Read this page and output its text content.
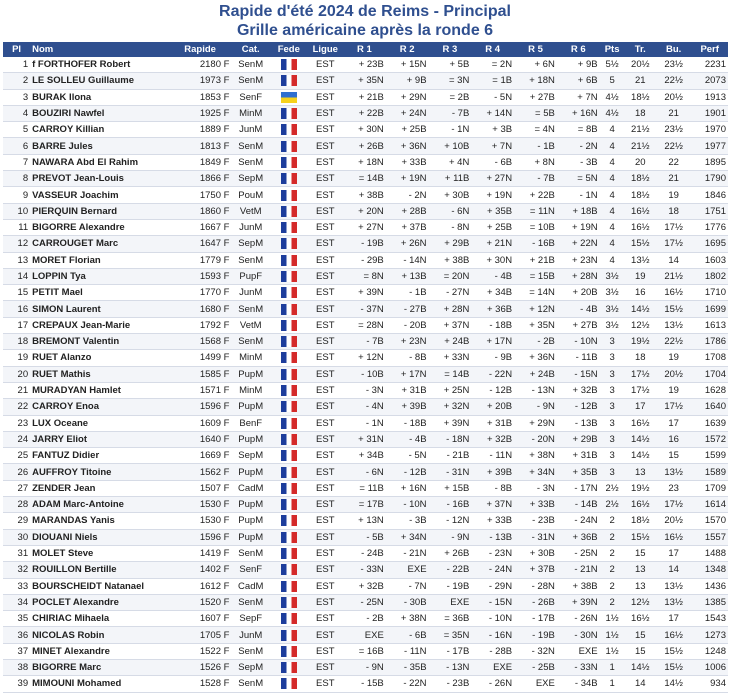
Rapide d'été 2024 de Reims - Principal
Grille américaine après la ronde 6
Pl	Nom	Rapide	Cat.	Fede	Ligue	R 1	R 2	R 3	R 4	R 5	R 6	Pts	Tr.	Bu.	Perf
1	f FORTHOFER Robert	2180 F	SenM		EST	+ 23B	+ 15N	+ 5B	= 2N	+ 6N	+ 9B	5½	20½	23½	2231
2	LE SOLLEU Guillaume	1973 F	SenM		EST	+ 35N	+ 9B	= 3N	= 1B	+ 18N	+ 6B	5	21	22½	2073
3	BURAK Ilona	1853 F	SenF		EST	+ 21B	+ 29N	= 2B	- 5N	+ 27B	+ 7N	4½	18½	20½	1913
4	BOUZIRI Nawfel	1925 F	MinM		EST	+ 22B	+ 24N	- 7B	+ 14N	= 5B	+ 16N	4½	18	21	1901
5	CARROY Killian	1889 F	JunM		EST	+ 30N	+ 25B	- 1N	+ 3B	= 4N	= 8B	4	21½	23½	1970
6	BARRE Jules	1813 F	SenM		EST	+ 26B	+ 36N	+ 10B	+ 7N	- 1B	- 2N	4	21½	22½	1977
7	NAWARA Abd El Rahim	1849 F	SenM		EST	+ 18N	+ 33B	+ 4N	- 6B	+ 8N	- 3B	4	20	22	1895
8	PREVOT Jean-Louis	1866 F	SepM		EST	= 14B	+ 19N	+ 11B	+ 27N	- 7B	= 5N	4	18½	21	1790
9	VASSEUR Joachim	1750 F	PouM		EST	+ 38B	- 2N	+ 30B	+ 19N	+ 22B	- 1N	4	18½	19	1846
10	PIERQUIN Bernard	1860 F	VetM		EST	+ 20N	+ 28B	- 6N	+ 35B	= 11N	+ 18B	4	16½	18	1751
11	BIGORRE Alexandre	1667 F	JunM		EST	+ 27N	+ 37B	- 8N	+ 25B	= 10B	+ 19N	4	16½	17½	1776
12	CARROUGET Marc	1647 F	SepM		EST	- 19B	+ 26N	+ 29B	+ 21N	- 16B	+ 22N	4	15½	17½	1695
13	MORET Florian	1779 F	SenM		EST	- 29B	- 14N	+ 38B	+ 30N	+ 21B	+ 23N	4	13½	14	1603
14	LOPPIN Tya	1593 F	PupF		EST	= 8N	+ 13B	= 20N	- 4B	= 15B	+ 28N	3½	19	21½	1802
15	PETIT Mael	1770 F	JunM		EST	+ 39N	- 1B	- 27N	+ 34B	= 14N	+ 20B	3½	16	16½	1710
16	SIMON Laurent	1680 F	SenM		EST	- 37N	- 27B	+ 28N	+ 36B	+ 12N	- 4B	3½	14½	15½	1699
17	CREPAUX Jean-Marie	1792 F	VetM		EST	= 28N	- 20B	+ 37N	- 18B	+ 35N	+ 27B	3½	12½	13½	1613
18	BREMONT Valentin	1568 F	SenM		EST	- 7B	+ 23N	+ 24B	+ 17N	- 2B	- 10N	3	19½	22½	1786
19	RUET Alanzo	1499 F	MinM		EST	+ 12N	- 8B	+ 33N	- 9B	+ 36N	- 11B	3	18	19	1708
20	RUET Mathis	1585 F	PupM		EST	- 10B	+ 17N	= 14B	- 22N	+ 24B	- 15N	3	17½	20½	1704
21	MURADYAN Hamlet	1571 F	MinM		EST	- 3N	+ 31B	+ 25N	- 12B	- 13N	+ 32B	3	17½	19	1628
22	CARROY Enoa	1596 F	PupM		EST	- 4N	+ 39B	+ 32N	+ 20B	- 9N	- 12B	3	17	17½	1640
23	LUX Oceane	1609 F	BenF		EST	- 1N	- 18B	+ 39N	+ 31B	+ 29N	- 13B	3	16½	17	1639
24	JARRY Eliot	1640 F	PupM		EST	+ 31N	- 4B	- 18N	+ 32B	- 20N	+ 29B	3	14½	16	1572
25	FANTUZ Didier	1669 F	SepM		EST	+ 34B	- 5N	- 21B	- 11N	+ 38N	+ 31B	3	14½	15	1599
26	AUFFROY Titoine	1562 F	PupM		EST	- 6N	- 12B	- 31N	+ 39B	+ 34N	+ 35B	3	13	13½	1589
27	ZENDER Jean	1507 F	CadM		EST	= 11B	+ 16N	+ 15B	- 8B	- 3N	- 17N	2½	19½	23	1709
28	ADAM Marc-Antoine	1530 F	PupM		EST	= 17B	- 10N	- 16B	+ 37N	+ 33B	- 14B	2½	16½	17½	1614
29	MARANDAS Yanis	1530 F	PupM		EST	+ 13N	- 3B	- 12N	+ 33B	- 23B	- 24N	2	18½	20½	1570
30	DIOUANI Niels	1596 F	PupM		EST	- 5B	+ 34N	- 9N	- 13B	- 31N	+ 36B	2	15½	16½	1557
31	MOLET Steve	1419 F	SenM		EST	- 24B	- 21N	+ 26B	- 23N	+ 30B	- 25N	2	15	17	1488
32	ROUILLON Bertille	1402 F	SenF		EST	- 33N	EXE	- 22B	- 24N	+ 37B	- 21N	2	13	14	1348
33	BOURSCHEIDT Natanael	1612 F	CadM		EST	+ 32B	- 7N	- 19B	- 29N	- 28N	+ 38B	2	13	13½	1436
34	POCLET Alexandre	1520 F	SenM		EST	- 25N	- 30B	EXE	- 15N	- 26B	+ 39N	2	12½	13½	1385
35	CHIRIAC Mihaela	1607 F	SepF		EST	- 2B	+ 38N	= 36B	- 10N	- 17B	- 26N	1½	16½	17	1543
36	NICOLAS Robin	1705 F	JunM		EST	EXE	- 6B	= 35N	- 16N	- 19B	- 30N	1½	15	16½	1273
37	MINET Alexandre	1522 F	SenM		EST	= 16B	- 11N	- 17B	- 28B	- 32N	EXE	1½	15	15½	1248
38	BIGORRE Marc	1526 F	SepM		EST	- 9N	- 35B	- 13N	EXE	- 25B	- 33N	1	14½	15½	1006
39	MIMOUNI Mohamed	1528 F	SenM		EST	- 15B	- 22N	- 23B	- 26N	EXE	- 34B	1	14	14½	934
